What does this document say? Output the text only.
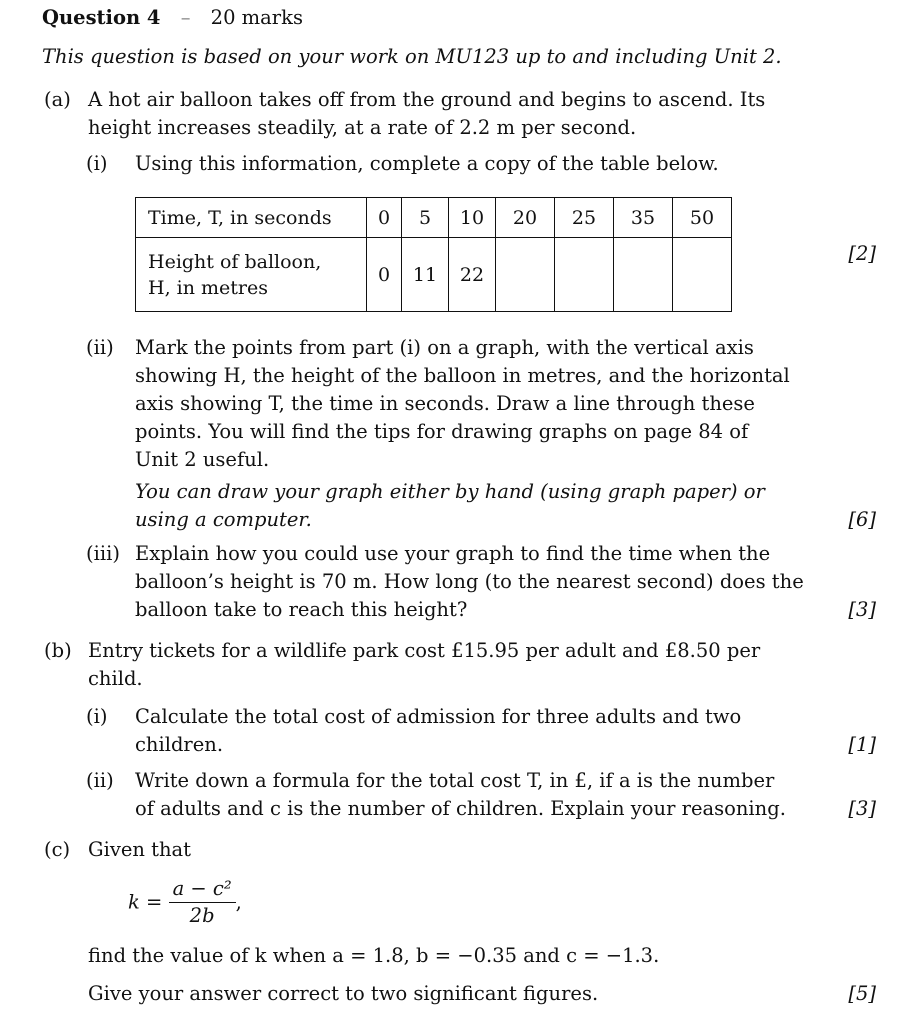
Question 4 – 20 marks
This question is based on your work on MU123 up to and including Unit 2.
(a) A hot air balloon takes off from the ground and begins to ascend. Its
height increases steadily, at a rate of 2.2 m per second.
(i) Using this information, complete a copy of the table below.
Time, T, in seconds	0	5	10	20	25	35	50

Height of balloon,
H, in metres	0	11	22				
[2]
(ii) Mark the points from part (i) on a graph, with the vertical axis
showing H, the height of the balloon in metres, and the horizontal
axis showing T, the time in seconds. Draw a line through these
points. You will find the tips for drawing graphs on page 84 of
Unit 2 useful.
You can draw your graph either by hand (using graph paper) or
using a computer.	[6]
(iii) Explain how you could use your graph to find the time when the
balloon’s height is 70 m. How long (to the nearest second) does the
balloon take to reach this height?	[3]
(b) Entry tickets for a wildlife park cost £15.95 per adult and £8.50 per
child.
(i) Calculate the total cost of admission for three adults and two
children.	[1]
(ii) Write down a formula for the total cost T, in £, if a is the number
of adults and c is the number of children. Explain your reasoning.	[3]
(c) Given that
$k = \frac{\text{a − c²}}{2b}$ ,
find the value of k when a = 1.8, b = −0.35 and c = −1.3.
Give your answer correct to two significant figures.	[5]
